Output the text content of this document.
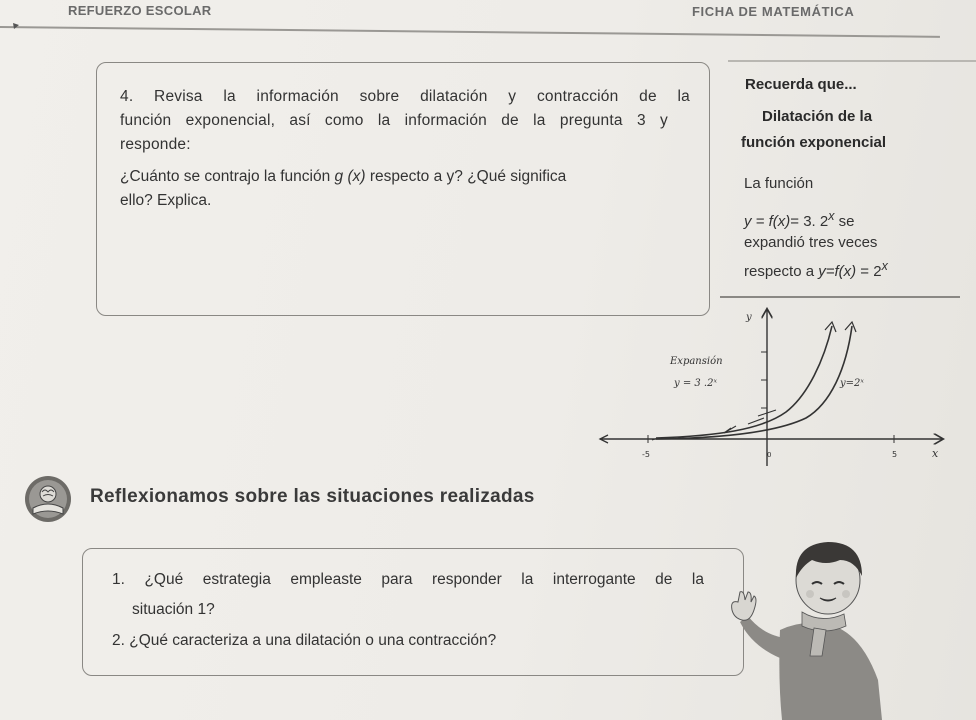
REFUERZO ESCOLAR	FICHA DE MATEMÁTICA

4. Revisa la información sobre dilatación y contracción de la

función exponencial, así como la información de la pregunta 3 y

responde:

¿Cuánto se contrajo la función g (x) respecto a y? ¿Qué significa
ello? Explica.
Recuerda que...
Dilatación de la
función exponencial
La función
y = f(x)= 3. 2$^x$ se
expandió tres veces
respecto a $y=f(x) = 2^x$
y
x
Expansión
y = 3 .2ˣ	y=2ˣ
-5	0	5
Reflexionamos sobre las situaciones realizadas
1. ¿Qué estrategia empleaste para responder la interrogante de la
situación 1?
2. ¿Qué caracteriza a una dilatación o una contracción?
